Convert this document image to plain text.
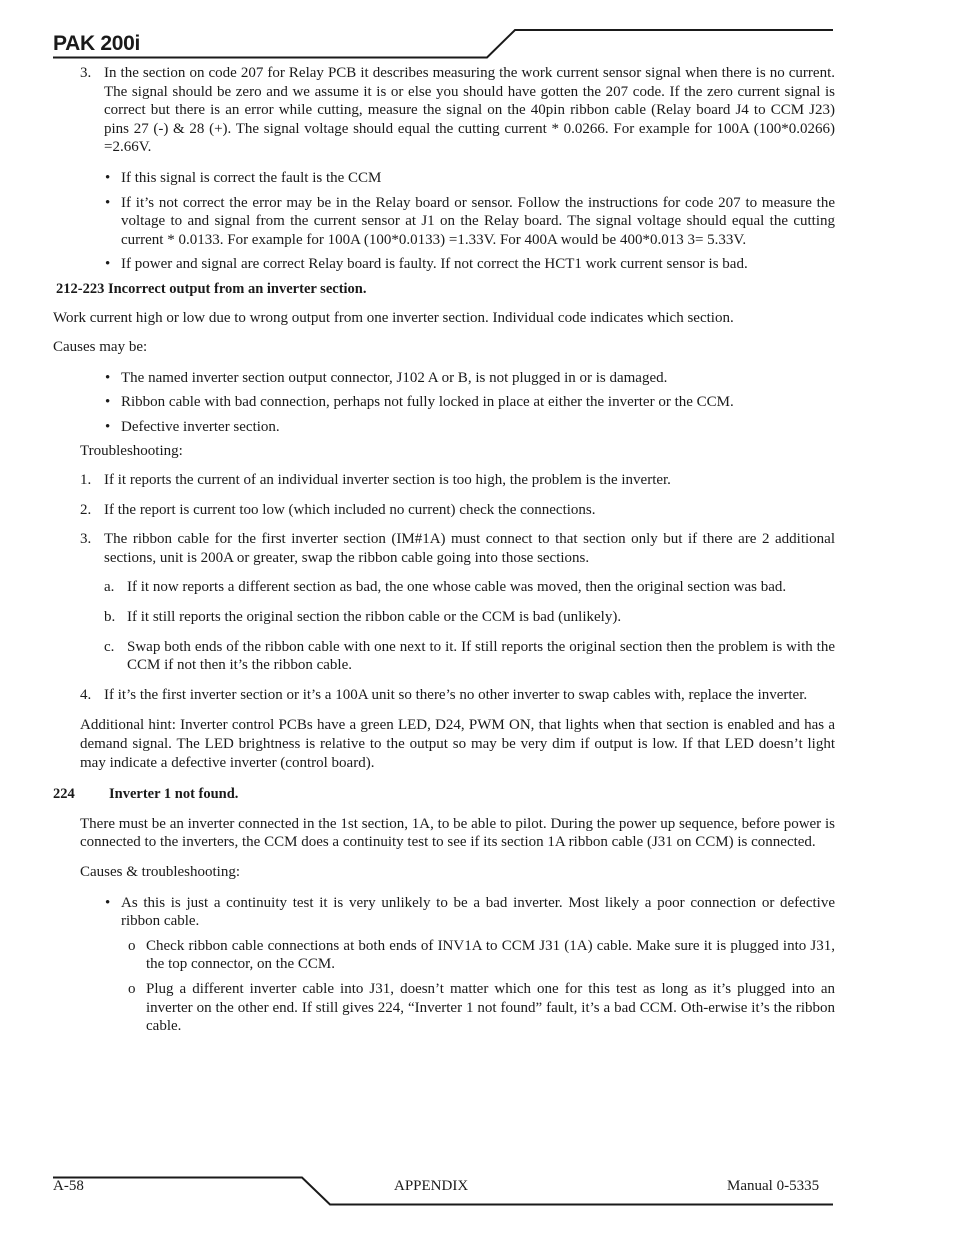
PAK 200i
3. In the section on code 207 for Relay PCB it describes measuring the work current sensor signal when there is no current. The signal should be zero and we assume it is or else you should have gotten the 207 code. If the zero current signal is correct but there is an error while cutting, measure the signal on the 40pin ribbon cable (Relay board J4 to CCM J23) pins 27 (-) & 28 (+). The signal voltage should equal the cutting current * 0.0266. For example for 100A (100*0.0266) =2.66V.
• If this signal is correct the fault is the CCM
• If it’s not correct the error may be in the Relay board or sensor. Follow the instructions for code 207 to measure the voltage to and signal from the current sensor at J1 on the Relay board. The signal voltage should equal the cutting current * 0.0133. For example for 100A (100*0.0133) =1.33V. For 400A would be 400*0.013 3= 5.33V.
• If power and signal are correct Relay board is faulty. If not correct the HCT1 work current sensor is bad.

212-223 Incorrect output from an inverter section.

Work current high or low due to wrong output from one inverter section. Individual code indicates which section.

Causes may be:

• The named inverter section output connector, J102 A or B, is not plugged in or is damaged.
• Ribbon cable with bad connection, perhaps not fully locked in place at either the inverter or the CCM.
• Defective inverter section.

Troubleshooting:

1. If it reports the current of an individual inverter section is too high, the problem is the inverter.
2. If the report is current too low (which included no current) check the connections.
3. The ribbon cable for the first inverter section (IM#1A) must connect to that section only but if there are 2 additional sections, unit is 200A or greater, swap the ribbon cable going into those sections.
a. If it now reports a different section as bad, the one whose cable was moved, then the original section was bad.
b. If it still reports the original section the ribbon cable or the CCM is bad (unlikely).
c. Swap both ends of the ribbon cable with one next to it. If still reports the original section then the problem is with the CCM if not then it’s the ribbon cable.
4. If it’s the first inverter section or it’s a 100A unit so there’s no other inverter to swap cables with, replace the inverter.

Additional hint: Inverter control PCBs have a green LED, D24, PWM ON, that lights when that section is enabled and has a demand signal. The LED brightness is relative to the output so may be very dim if output is low. If that LED doesn’t light may indicate a defective inverter (control board).

224	Inverter 1 not found.

There must be an inverter connected in the 1st section, 1A, to be able to pilot. During the power up sequence, before power is connected to the inverters, the CCM does a continuity test to see if its section 1A ribbon cable (J31 on CCM) is connected.

Causes & troubleshooting:

• As this is just a continuity test it is very unlikely to be a bad inverter. Most likely a poor connection or defective ribbon cable.
o Check ribbon cable connections at both ends of INV1A to CCM J31 (1A) cable. Make sure it is plugged into J31, the top connector, on the CCM.
o Plug a different inverter cable into J31, doesn’t matter which one for this test as long as it’s plugged into an inverter on the other end. If still gives 224, “Inverter 1 not found” fault, it’s a bad CCM. Oth-erwise it’s the ribbon cable.
A-58	APPENDIX	Manual 0-5335
